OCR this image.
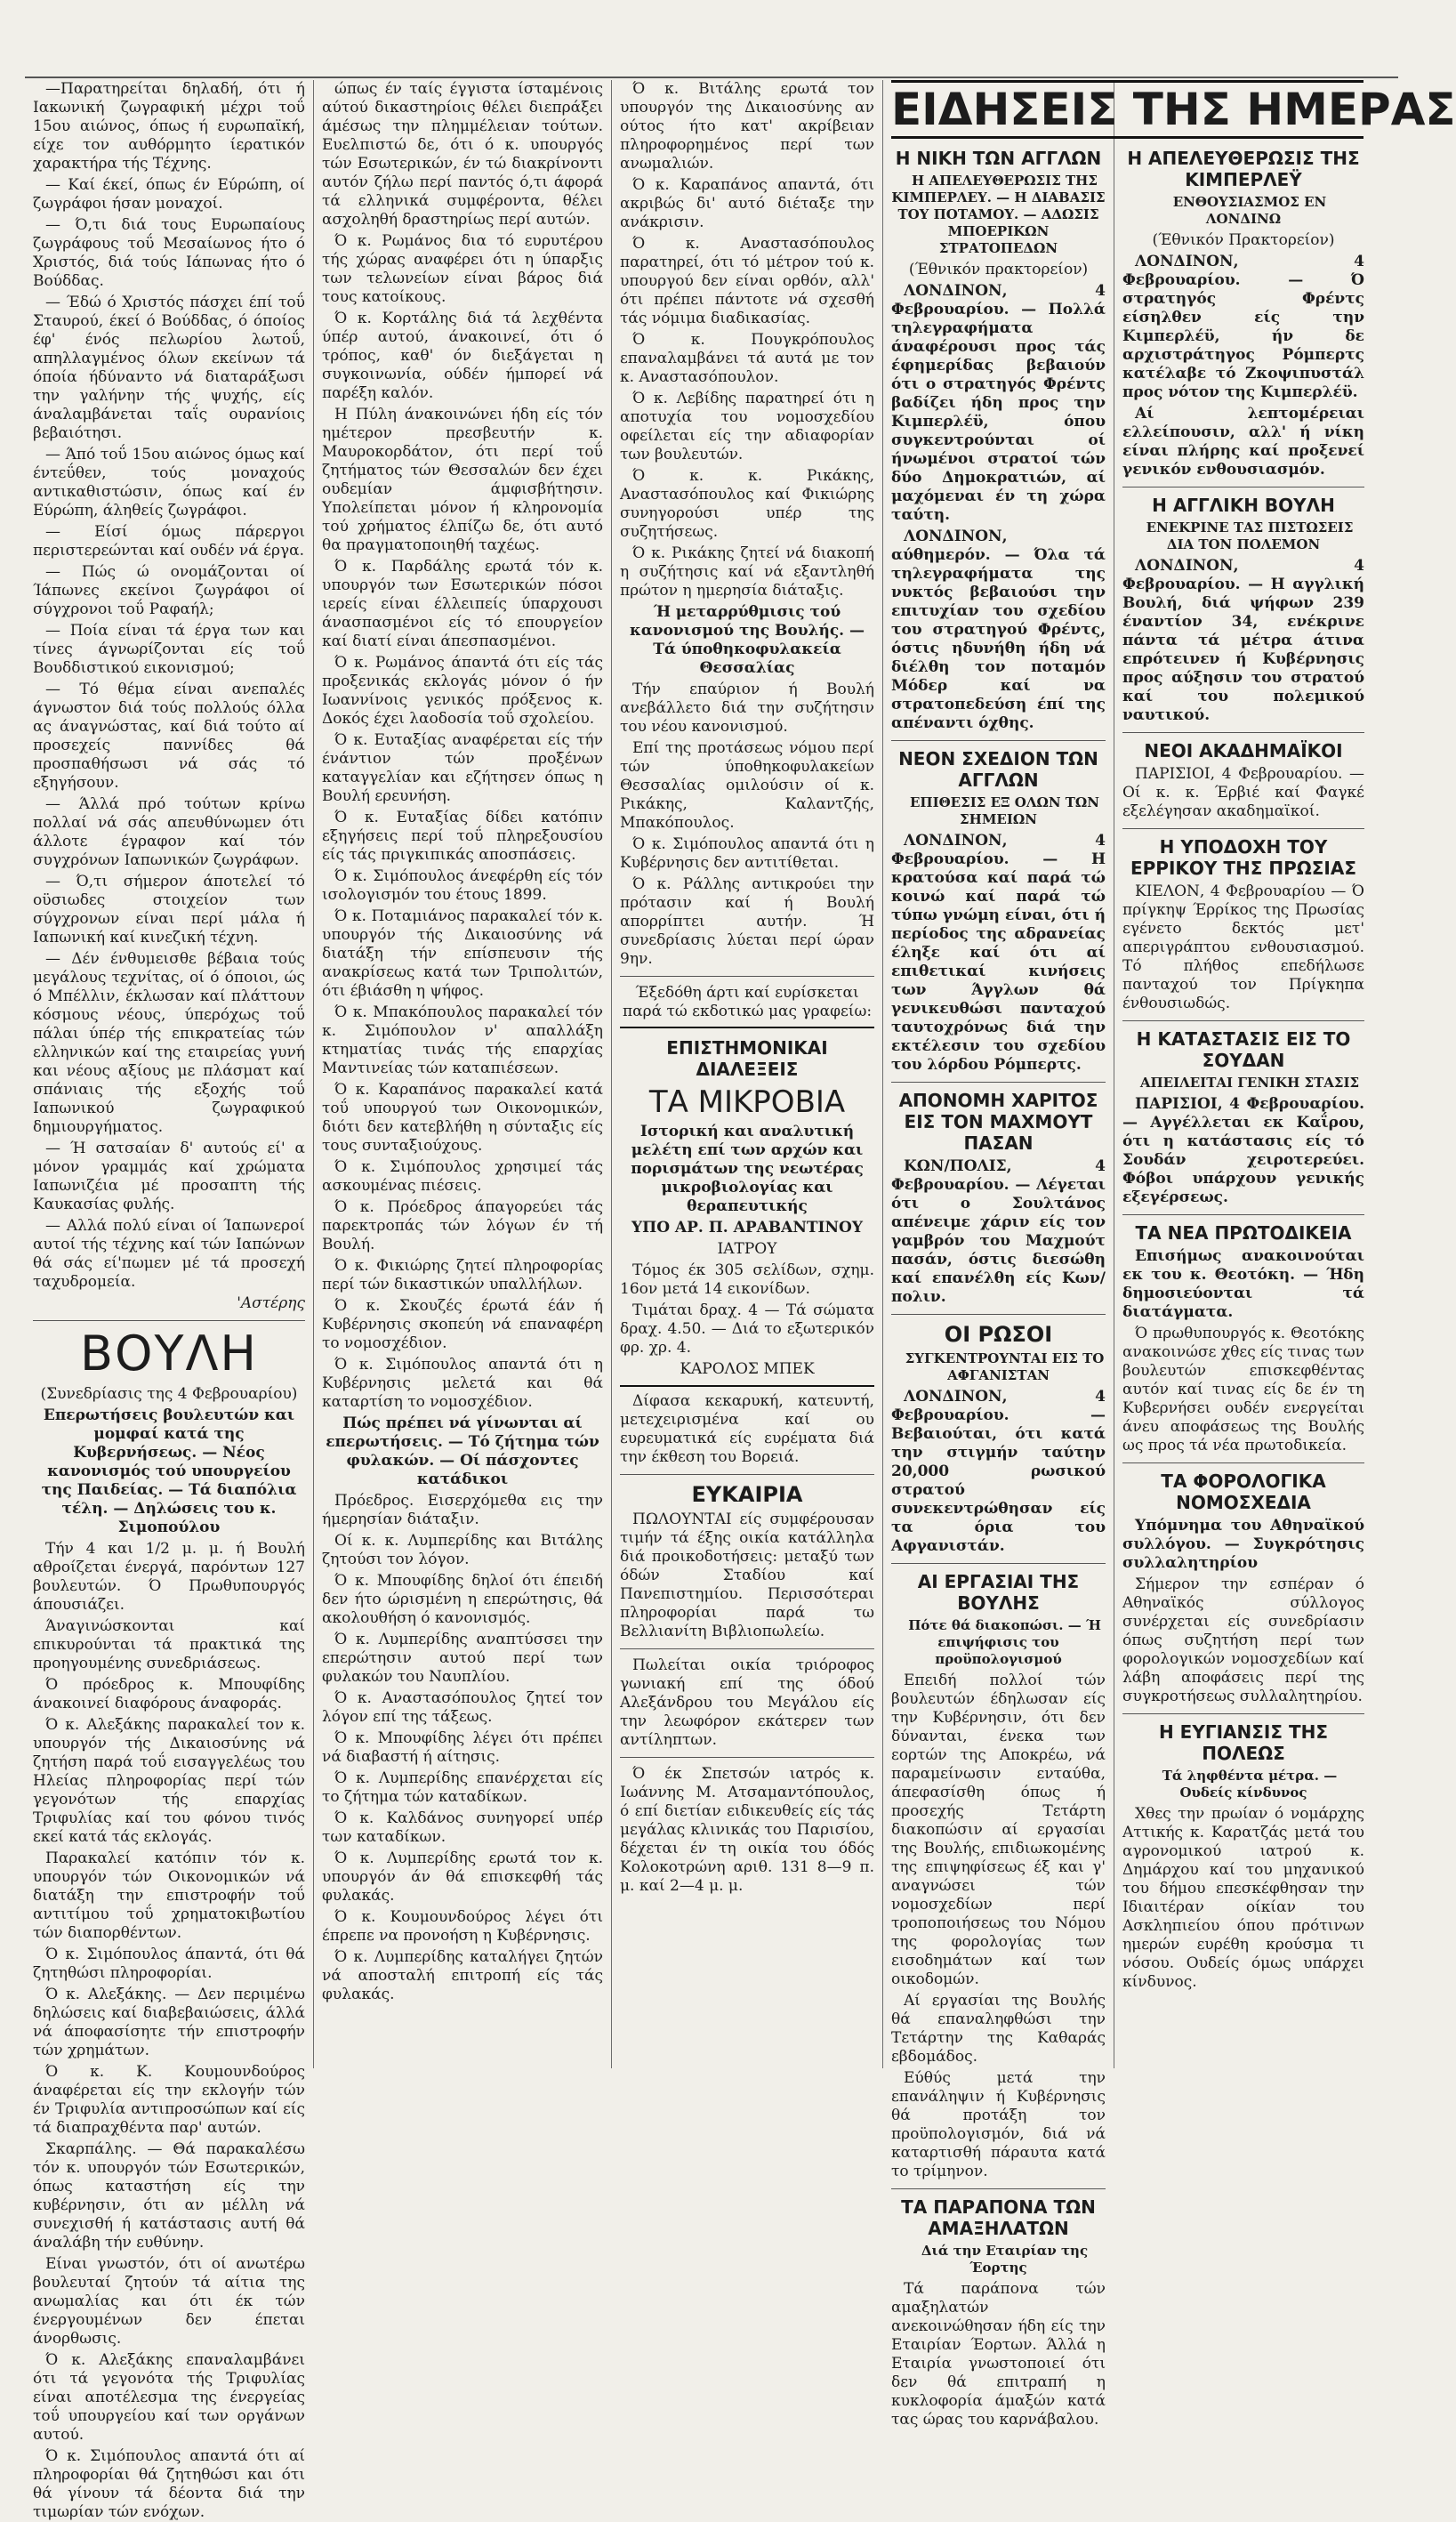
—Παρατηρείται δηλαδή, ότι ή Ιακωνική ζωγραφική μέχρι τοΰ 15ου αιώνος, όπως ή ευρωπαϊκή, είχε τον αυθόρμητο ίερατικόν χαρακτήρα τής Τέχνης.

— Καί έκεί, όπως έν Εύρώπη, οί ζωγράφοι ήσαν μοναχοί.

— Ό,τι διά τους Ευρωπαίους ζωγράφους τοΰ Μεσαίωνος ήτο ό Χριστός, διά τούς Ιάπωνας ήτο ό Βούδδας.

— Έδώ ό Χριστός πάσχει έπί τοΰ Σταυρού, έκεί ό Βούδδας, ό όποίος έφ' ένός πελωρίου λωτοΰ, απηλλαγμένος όλων εκείνων τά όποία ήδύναντο νά διαταράξωσι την γαλήνην τής ψυχής, είς άναλαμβάνεται ταΐς ουρανίοις βεβαιότησι.

— Άπό τοΰ 15ου αιώνος όμως καί έντεΰθεν, τούς μοναχούς αντικαθιστώσιν, όπως καί έν Εύρώπη, άληθείς ζωγράφοι.

— Είσί όμως πάρεργοι περιστερεώνται καί ουδέν νά έργα.

— Πώς ώ ονομάζονται οί Ίάπωνες εκείνοι ζωγράφοι οί σύγχρονοι τοΰ Ραφαήλ;

— Ποία είναι τά έργα των και τίνες άγνωρίζονται είς τοΰ Βουδδιστικού εικονισμού;

— Τό θέμα είναι ανεπαλές άγνωστον διά τούς πολλούς όλλα ας άναγνώστας, καί διά τούτο αί προσεχείς παννίδες θά προσπαθήσωσι νά σάς τό εξηγήσουν.

— Άλλά πρό τούτων κρίνω πολλαί νά σάς απευθύνωμεν ότι άλλοτε έγραφον καί τόν συγχρόνων Ιαπωνικών ζωγράφων.

— Ό,τι σήμερον άποτελεί τό οϋσιωδες στοιχείον των σύγχρονων είναι περί μάλα ή Ιαπωνική καί κινεζική τέχνη.

— Δέν ένθυμεισθε βέβαια τούς μεγάλους τεχνίτας, οί ό όποιοι, ώς ό Μπέλλιν, έκλωσαν καί πλάττουν κόσμους νέους, ύπερόχως τοΰ πάλαι ύπέρ τής επικρατείας τών ελληνικών καί της εταιρείας γυνή και νέους αξίους με πλάσματ καί σπάνιαις τής εξοχής τοΰ Ιαπωνικού ζωγραφικού δημιουργήματος.

— Ή σατσαίαν δ' αυτούς εί' α μόνον γραμμάς καί χρώματα Ιαπωνιζέια μέ προσαπτη τής Καυκασίας φυλής.

— Αλλά πολύ είναι οί Ίαπωνεροί αυτοί τής τέχνης καί τών Ιαπώνων θά σάς εί'πωμεν μέ τά προσεχή ταχυδρομεία.

'Αστέρης

ΒΟΥΛΗ

(Συνεδρίασις της 4 Φεβρουαρίου)

Επερωτήσεις βουλευτών και μομφαί κατά της Κυβερνήσεως. — Νέος κανονισμός τού υπουργείου της Παιδείας. — Τά διαπόλια τέλη. — Δηλώσεις του κ. Σιμοπούλου

Τήν 4 και 1/2 μ. μ. ή Βουλή αθροίζεται ένεργά, παρόντων 127 βουλευτών. Ό Πρωθυπουργός άπουσιάζει.

Άναγινώσκονται καί επικυρούνται τά πρακτικά της προηγουμένης συνεδριάσεως.

Ό πρόεδρος κ. Μπουφίδης άνακοινεί διαφόρους άναφοράς.

Ό κ. Αλεξάκης παρακαλεί τον κ. υπουργόν τής Δικαιοσύνης νά ζητήση παρά τοΰ εισαγγελέως του Ηλείας πληροφορίας περί τών γεγονότων τής επαρχίας Τριφυλίας καί του φόνου τινός εκεί κατά τάς εκλογάς.

Παρακαλεί κατόπιν τόν κ. υπουργόν τών Οικονομικών νά διατάξη την επιστροφήν τοΰ αντιτίμου τοΰ χρηματοκιβωτίου τών διαπορθέντων.

Ό κ. Σιμόπουλος άπαντά, ότι θά ζητηθώσι πληροφορίαι.

Ό κ. Αλεξάκης. — Δεν περιμένω δηλώσεις καί διαβεβαιώσεις, άλλά νά άποφασίσητε τήν επιστροφήν τών χρημάτων.

Ό κ. Κ. Κουμουνδούρος άναφέρεται είς την εκλογήν τών έν Τριφυλία αντιπροσώπων καί είς τά διαπραχθέντα παρ' αυτών.

Σκαρπάλης. — Θά παρακαλέσω τόν κ. υπουργόν τών Εσωτερικών, όπως καταστήση είς την κυβέρνησιν, ότι αν μέλλη νά συνεχισθή ή κατάστασις αυτή θά άναλάβη τήν ευθύνην.

Είναι γνωστόν, ότι οί ανωτέρω βουλευταί ζητούν τά αίτια της ανωμαλίας και ότι έκ τών ένεργουμένων δεν έπεται άνορθωσις.

Ό κ. Αλεξάκης επαναλαμβάνει ότι τά γεγονότα τής Τριφυλίας είναι αποτέλεσμα της ένεργείας τοΰ υπουργείου καί των οργάνων αυτού.

Ό κ. Σιμόπουλος απαντά ότι αί πληροφορίαι θά ζητηθώσι και ότι θά γίνουν τά δέοντα διά την τιμωρίαν τών ενόχων.

ώπως έν ταίς έγγιστα ίσταμένοις αύτού δικαστηρίοις θέλει διεπράξει άμέσως την πλημμέλειαν τούτων. Ευελπιστώ δε, ότι ό κ. υπουργός τών Εσωτερικών, έν τώ διακρίνοντι αυτόν ζήλω περί παντός ό,τι άφορά τά ελληνικά συμφέροντα, θέλει ασχοληθή δραστηρίως περί αυτών.

Ό κ. Ρωμάνος δια τό ευρυτέρου τής χώρας αναφέρει ότι η ύπαρξις των τελωνείων είναι βάρος διά τους κατοίκους.

Ό κ. Κορτάλης διά τά λεχθέντα ύπέρ αυτού, άνακοινεί, ότι ό τρόπος, καθ' όν διεξάγεται η συγκοινωνία, ούδέν ήμπορεί νά παρέξη καλόν.

Η Πύλη άνακοινώνει ήδη είς τόν ημέτερον πρεσβευτήν κ. Μαυροκορδάτον, ότι περί τοΰ ζητήματος τών Θεσσαλών δεν έχει ουδεμίαν άμφισβήτησιν. Υπολείπεται μόνον ή κληρονομία τού χρήματος έλπίζω δε, ότι αυτό θα πραγματοποιηθή ταχέως.

Ό κ. Παρδάλης ερωτά τόν κ. υπουργόν των Εσωτερικών πόσοι ιερείς είναι έλλειπείς ύπαρχουσι άνασπασμένοι είς τό επουργείον καί διατί είναι άπεσπασμένοι.

Ό κ. Ρωμάνος άπαντά ότι είς τάς προξενικάς εκλογάς μόνον ό ήν Ιωαννίνοις γενικός πρόξενος κ. Δοκός έχει λαοδοσία τοΰ σχολείου.

Ό κ. Ευταξίας αναφέρεται είς τήν ένάντιον τών προξένων καταγγελίαν και εζήτησεν όπως η Βουλή ερευνήση.

Ό κ. Ευταξίας δίδει κατόπιν εξηγήσεις περί τοΰ πληρεξουσίου είς τάς πριγκιπικάς αποσπάσεις.

Ό κ. Σιμόπουλος άνεφέρθη είς τόν ισολογισμόν του έτους 1899.

Ό κ. Ποταμιάνος παρακαλεί τόν κ. υπουργόν τής Δικαιοσύνης νά διατάξη τήν επίσπευσιν τής ανακρίσεως κατά των Τριπολιτών, ότι έβιάσθη η ψήφος.

Ό κ. Μπακόπουλος παρακαλεί τόν κ. Σιμόπουλον ν' απαλλάξη κτηματίας τινάς τής επαρχίας Μαντινείας τών καταπιέσεων.

Ό κ. Καραπάνος παρακαλεί κατά τοΰ υπουργού των Οικονομικών, διότι δεν κατεβλήθη η σύνταξις είς τους συνταξιούχους.

Ό κ. Σιμόπουλος χρησιμεί τάς ασκουμένας πιέσεις.

Ό κ. Πρόεδρος άπαγορεύει τάς παρεκτροπάς τών λόγων έν τή Βουλή.

Ό κ. Φικιώρης ζητεί πληροφορίας περί τών δικαστικών υπαλλήλων.

Ό κ. Σκουζές έρωτά έάν ή Κυβέρνησις σκοπεύη νά επαναφέρη το νομοσχέδιον.

Ό κ. Σιμόπουλος απαντά ότι η Κυβέρνησις μελετά και θά καταρτίση το νομοσχέδιον.

Πώς πρέπει νά γίνωνται αί επερωτήσεις. — Τό ζήτημα τών φυλακών. — Οί πάσχοντες κατάδικοι

Πρόεδρος. Εισερχόμεθα εις την ήμερησίαν διάταξιν.

Οί κ. κ. Λυμπερίδης και Βιτάλης ζητούσι τον λόγον.

Ό κ. Μπουφίδης δηλοί ότι έπειδή δεν ήτο ώρισμένη η επερώτησις, θά ακολουθήση ό κανονισμός.

Ό κ. Λυμπερίδης αναπτύσσει την επερώτησιν αυτού περί των φυλακών του Ναυπλίου.

Ό κ. Αναστασόπουλος ζητεί τον λόγον επί της τάξεως.

Ό κ. Μπουφίδης λέγει ότι πρέπει νά διαβαστή ή αίτησις.

Ό κ. Λυμπερίδης επανέρχεται είς το ζήτημα τών καταδίκων.

Ό κ. Καλδάνος συνηγορεί υπέρ των καταδίκων.

Ό κ. Λυμπερίδης ερωτά τον κ. υπουργόν άν θά επισκεφθή τάς φυλακάς.

Ό κ. Κουμουνδούρος λέγει ότι έπρεπε να προνοήση η Κυβέρνησις.

Ό κ. Λυμπερίδης καταλήγει ζητών νά αποσταλή επιτροπή είς τάς φυλακάς.

Ό κ. Βιτάλης ερωτά τον υπουργόν της Δικαιοσύνης αν ούτος ήτο κατ' ακρίβειαν πληροφορημένος περί των ανωμαλιών.

Ό κ. Καραπάνος απαντά, ότι ακριβώς δι' αυτό διέταξε την ανάκρισιν.

Ό κ. Αναστασόπουλος παρατηρεί, ότι τό μέτρον τού κ. υπουργού δεν είναι ορθόν, αλλ' ότι πρέπει πάντοτε νά σχεσθή τάς νόμιμα διαδικασίας.

Ό κ. Πουγκρόπουλος επαναλαμβάνει τά αυτά με τον κ. Αναστασόπουλον.

Ό κ. Λεβίδης παρατηρεί ότι η αποτυχία του νομοσχεδίου οφείλεται είς την αδιαφορίαν των βουλευτών.

Ό κ. κ. Ρικάκης, Αναστασόπουλος καί Φικιώρης συνηγορούσι υπέρ της συζητήσεως.

Ό κ. Ρικάκης ζητεί νά διακοπή η συζήτησις καί νά εξαντληθή πρώτον η ημερησία διάταξις.

Ή μεταρρύθμισις τού κανονισμού της Βουλής. — Τά ύποθηκοφυλακεία Θεσσαλίας

Τήν επαύριον ή Βουλή ανεβάλλετο διά την συζήτησιν του νέου κανονισμού.

Επί της προτάσεως νόμου περί τών ύποθηκοφυλακείων Θεσσαλίας ομιλούσιν οί κ. Ρικάκης, Καλαντζής, Μπακόπουλος.

Ό κ. Σιμόπουλος απαντά ότι η Κυβέρνησις δεν αντιτίθεται.

Ό κ. Ράλλης αντικρούει την πρότασιν καί ή Βουλή απορρίπτει αυτήν. Ή συνεδρίασις λύεται περί ώραν 9ην.

Έξεδόθη άρτι καί ευρίσκεται παρά τώ εκδοτικώ μας γραφείω:

ΕΠΙΣΤΗΜΟΝΙΚΑΙ ΔΙΑΛΕΞΕΙΣ
ΤΑ ΜΙΚΡΟΒΙΑ

Ιστορική και αναλυτική μελέτη επί των αρχών και πορισμάτων της νεωτέρας μικροβιολογίας και θεραπευτικής

ΥΠΟ ΑΡ. Π. ΑΡΑΒΑΝΤΙΝΟΥ

ΙΑΤΡΟΥ

Τόμος έκ 305 σελίδων, σχημ. 16ον μετά 14 εικονίδων.

Τιμάται δραχ. 4 — Τά σώματα δραχ. 4.50. — Διά το εξωτερικόν φρ. χρ. 4.

ΚΑΡΟΛΟΣ ΜΠΕΚ

Δίφασα κεκαρυκή, κατευντή, μετεχειρισμένα καί ου ευρευματικά είς ευρέματα διά την έκθεση του Βορειά.

ΕΥΚΑΙΡΙΑ

ΠΩΛΟΥΝΤΑΙ είς συμφέρουσαν τιμήν τά έξης οικία κατάλληλα διά προικοδοτήσεις: μεταξύ των όδών Σταδίου καί Πανεπιστημίου. Περισσότεραι πληροφορίαι παρά τω Βελλιανίτη Βιβλιοπωλείω.

Πωλείται οικία τριόροφος γωνιακή επί της όδού Αλεξάνδρου του Μεγάλου είς την λεωφόρον εκάτερεν των αντίληπτων.

Ό έκ Σπετσών ιατρός κ. Ιωάννης Μ. Ατσαμαντόπουλος, ό επί διετίαν ειδικευθείς είς τάς μεγάλας κλινικάς του Παρισίου, δέχεται έν τη οικία του όδός Κολοκοτρώνη αριθ. 131 8—9 π. μ. καί 2—4 μ. μ.

ΕΙΔΗΣΕΙΣ ΤΗΣ ΗΜΕΡΑΣ
Η ΝΙΚΗ ΤΩΝ ΑΓΓΛΩΝ

Η ΑΠΕΛΕΥΘΕΡΩΣΙΣ ΤΗΣ ΚΙΜΠΕΡΛΕΥ. — Η ΔΙΑΒΑΣΙΣ ΤΟΥ ΠΟΤΑΜΟΥ. — ΑΔΩΣΙΣ ΜΠΟΕΡΙΚΩΝ ΣΤΡΑΤΟΠΕΔΩΝ

(Έθνικόν πρακτορείον)

ΛΟΝΔΙΝΟΝ, 4 Φεβρουαρίου. — Πολλά τηλεγραφήματα άναφέρουσι προς τάς έφημερίδας βεβαιούν ότι ο στρατηγός Φρέντς βαδίζει ήδη προς την Κιμπερλέϋ, όπου συγκεντρούνται οί ήνωμένοι στρατοί τών δύο Δημοκρατιών, αί μαχόμεναι έν τη χώρα ταύτη.

ΛΟΝΔΙΝΟΝ, αύθημερόν. — Όλα τά τηλεγραφήματα της νυκτός βεβαιούσι την επιτυχίαν του σχεδίου του στρατηγού Φρέντς, όστις ηδυνήθη ήδη νά διέλθη τον ποταμόν Μόδερ καί να στρατοπεδεύση έπί της απέναντι όχθης.

ΝΕΟΝ ΣΧΕΔΙΟΝ ΤΩΝ ΑΓΓΛΩΝ

ΕΠΙΘΕΣΙΣ ΕΞ ΟΛΩΝ ΤΩΝ ΣΗΜΕΙΩΝ

ΛΟΝΔΙΝΟΝ, 4 Φεβρουαρίου. — Η κρατούσα καί παρά τώ κοινώ καί παρά τώ τύπω γνώμη είναι, ότι ή περίοδος της αδρανείας έληξε καί ότι αί επιθετικαί κινήσεις των Άγγλων θά γενικευθώσι πανταχού ταυτοχρόνως διά την εκτέλεσιν του σχεδίου του λόρδου Ρόμπερτς.

ΑΠΟΝΟΜΗ ΧΑΡΙΤΟΣ ΕΙΣ ΤΟΝ ΜΑΧΜΟΥΤ ΠΑΣΑΝ

ΚΩΝ/ΠΟΛΙΣ, 4 Φεβρουαρίου. — Λέγεται ότι ο Σουλτάνος απένειμε χάριν είς τον γαμβρόν του Μαχμούτ πασάν, όστις διεσώθη καί επανέλθη είς Κων/πολιν.

ΟΙ ΡΩΣΟΙ

ΣΥΓΚΕΝΤΡΟΥΝΤΑΙ ΕΙΣ ΤΟ ΑΦΓΑΝΙΣΤΑΝ

ΛΟΝΔΙΝΟΝ, 4 Φεβρουαρίου. — Βεβαιούται, ότι κατά την στιγμήν ταύτην 20,000 ρωσικού στρατού συνεκεντρώθησαν είς τα όρια του Αφγανιστάν.

ΑΙ ΕΡΓΑΣΙΑΙ ΤΗΣ ΒΟΥΛΗΣ

Πότε θά διακοπώσι. — Ή επιψήφισις του προϋπολογισμού

Επειδή πολλοί τών βουλευτών έδηλωσαν είς την Κυβέρνησιν, ότι δεν δύνανται, ένεκα των εορτών της Αποκρέω, νά παραμείνωσιν ενταύθα, άπεφασίσθη όπως ή προσεχής Τετάρτη διακοπώσιν αί εργασίαι της Βουλής, επιδιωκομένης της επιψηφίσεως έξ και γ' αναγνώσει τών νομοσχεδίων περί τροποποιήσεως του Νόμου της φορολογίας των εισοδημάτων καί των οικοδομών.

Αί εργασίαι της Βουλής θά επαναληφθώσι την Τετάρτην της Καθαράς εβδομάδος.

Εύθύς μετά την επανάληψιν ή Κυβέρνησις θά προτάξη τον προϋπολογισμόν, διά νά καταρτισθή πάραυτα κατά το τρίμηνον.

ΤΑ ΠΑΡΑΠΟΝΑ ΤΩΝ ΑΜΑΞΗΛΑΤΩΝ

Διά την Εταιρίαν της Έορτης

Τά παράπονα τών αμαξηλατών ανεκοινώθησαν ήδη είς την Εταιρίαν Έορτων. Άλλά η Εταιρία γνωστοποιεί ότι δεν θά επιτραπή η κυκλοφορία άμαξών κατά τας ώρας του καρνάβαλου.

Η ΑΠΕΛΕΥΘΕΡΩΣΙΣ ΤΗΣ ΚΙΜΠΕΡΛΕΫ

ΕΝΘΟΥΣΙΑΣΜΟΣ ΕΝ ΛΟΝΔΙΝΩ

(Έθνικόν Πρακτορείον)

ΛΟΝΔΙΝΟΝ, 4 Φεβρουαρίου. — Ό στρατηγός Φρέντς είσηλθεν είς την Κιμπερλέϋ, ήν δε αρχιστράτηγος Ρόμπερτς κατέλαβε τό Ζκοψιπυστάλ προς νότον της Κιμπερλέϋ.

Αί λεπτομέρειαι ελλείπουσιν, αλλ' ή νίκη είναι πλήρης καί προξενεί γενικόν ενθουσιασμόν.

Η ΑΓΓΛΙΚΗ ΒΟΥΛΗ

ΕΝΕΚΡΙΝΕ ΤΑΣ ΠΙΣΤΩΣΕΙΣ ΔΙΑ ΤΟΝ ΠΟΛΕΜΟΝ

ΛΟΝΔΙΝΟΝ, 4 Φεβρουαρίου. — Η αγγλική Βουλή, διά ψήφων 239 έναντίον 34, ενέκρινε πάντα τά μέτρα άτινα επρότεινεν ή Κυβέρνησις προς αύξησιν του στρατού καί του πολεμικού ναυτικού.

ΝΕΟΙ ΑΚΑΔΗΜΑΪΚΟΙ

ΠΑΡΙΣΙΟΙ, 4 Φεβρουαρίου. — Οί κ. κ. Έρβιέ καί Φαγκέ εξελέγησαν ακαδημαϊκοί.

Η ΥΠΟΔΟΧΗ ΤΟΥ ΕΡΡΙΚΟΥ ΤΗΣ ΠΡΩΣΙΑΣ

ΚΙΕΛΟΝ, 4 Φεβρουαρίου — Ό πρίγκηψ Έρρίκος της Πρωσίας εγένετο δεκτός μετ' απεριγράπτου ενθουσιασμού. Τό πλήθος επεδήλωσε πανταχού τον Πρίγκηπα ένθουσιωδώς.

Η ΚΑΤΑΣΤΑΣΙΣ ΕΙΣ ΤΟ ΣΟΥΔΑΝ

ΑΠΕΙΛΕΙΤΑΙ ΓΕΝΙΚΗ ΣΤΑΣΙΣ

ΠΑΡΙΣΙΟΙ, 4 Φεβρουαρίου. — Αγγέλλεται εκ Καΐρου, ότι η κατάστασις είς τό Σουδάν χειροτερεύει. Φόβοι υπάρχουν γενικής εξεγέρσεως.

ΤΑ ΝΕΑ ΠΡΩΤΟΔΙΚΕΙΑ

Επισήμως ανακοινούται εκ του κ. Θεοτόκη. — Ήδη δημοσιεύονται τά διατάγματα.

Ό πρωθυπουργός κ. Θεοτόκης ανακοινώσε χθες είς τινας των βουλευτών επισκεφθέντας αυτόν καί τινας είς δε έν τη Κυβερνήσει ουδέν ενεργείται άνευ αποφάσεως της Βουλής ως προς τά νέα πρωτοδικεία.

ΤΑ ΦΟΡΟΛΟΓΙΚΑ ΝΟΜΟΣΧΕΔΙΑ

Υπόμνημα του Αθηναϊκού συλλόγου. — Συγκρότησις συλλαλητηρίου

Σήμερον την εσπέραν ό Αθηναϊκός σύλλογος συνέρχεται είς συνεδρίασιν όπως συζητήση περί των φορολογικών νομοσχεδίων καί λάβη αποφάσεις περί της συγκροτήσεως συλλαλητηρίου.

Η ΕΥΓΙΑΝΣΙΣ ΤΗΣ ΠΟΛΕΩΣ

Τά ληφθέντα μέτρα. — Ουδείς κίνδυνος

Χθες την πρωίαν ό νομάρχης Αττικής κ. Καρατζάς μετά του αγρονομικού ιατρού κ. Δημάρχου καί του μηχανικού του δήμου επεσκέφθησαν την Ιδιαιτέραν οίκίαν του Ασκληπιείου όπου πρότινων ημερών ευρέθη κρούσμα τι νόσου. Ουδείς όμως υπάρχει κίνδυνος.
